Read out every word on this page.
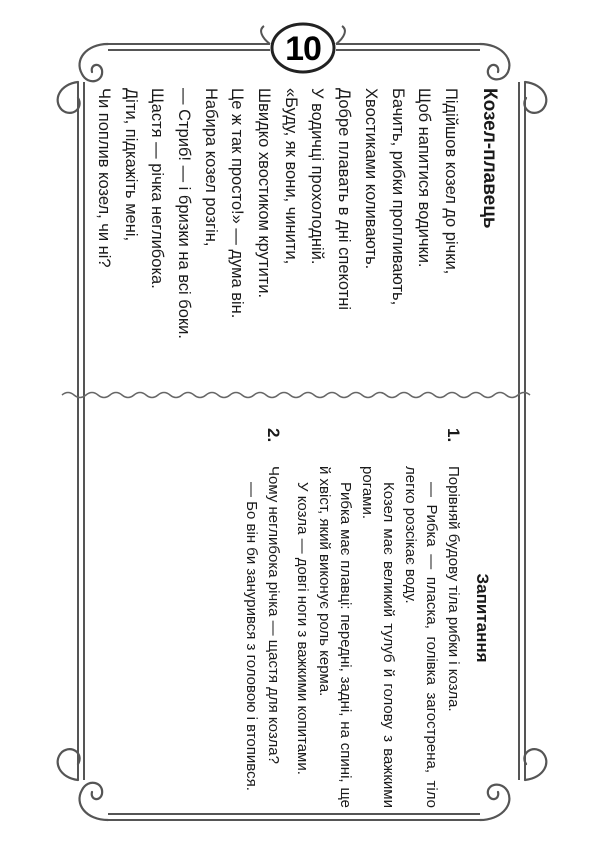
10
Козел-плавець
Підійшов козел до річки,
Щоб напитися водички.
Бачить, рибки пропливають,
Хвостиками коливають.
Добре плавать в дні спекотні
У водичці прохолодній.
«Буду, як вони, чинити,
Швидко хвостиком крутити.
Це ж так просто!» — дума він.
Набира козел розгін,
— Стриб! — і бризки на всі боки.
Щастя — річка неглибока.
Діти, підкажіть мені,
Чи поплив козел, чи ні?
Запитання
1.

Порівняй будову тіла рибки і козла.

— Рибка — пласка, голівка загострена, тіло легко розсікає воду.

Козел має великий тулуб й голову з важкими рогами.

Рибка має плавці: передні, задні, на спині, ще й хвіст, який виконує роль керма.

У козла — довгі ноги з важкими копитами.

2.

Чому неглибока річка — щастя для козла?

— Бо він би занурився з головою і втопився.
